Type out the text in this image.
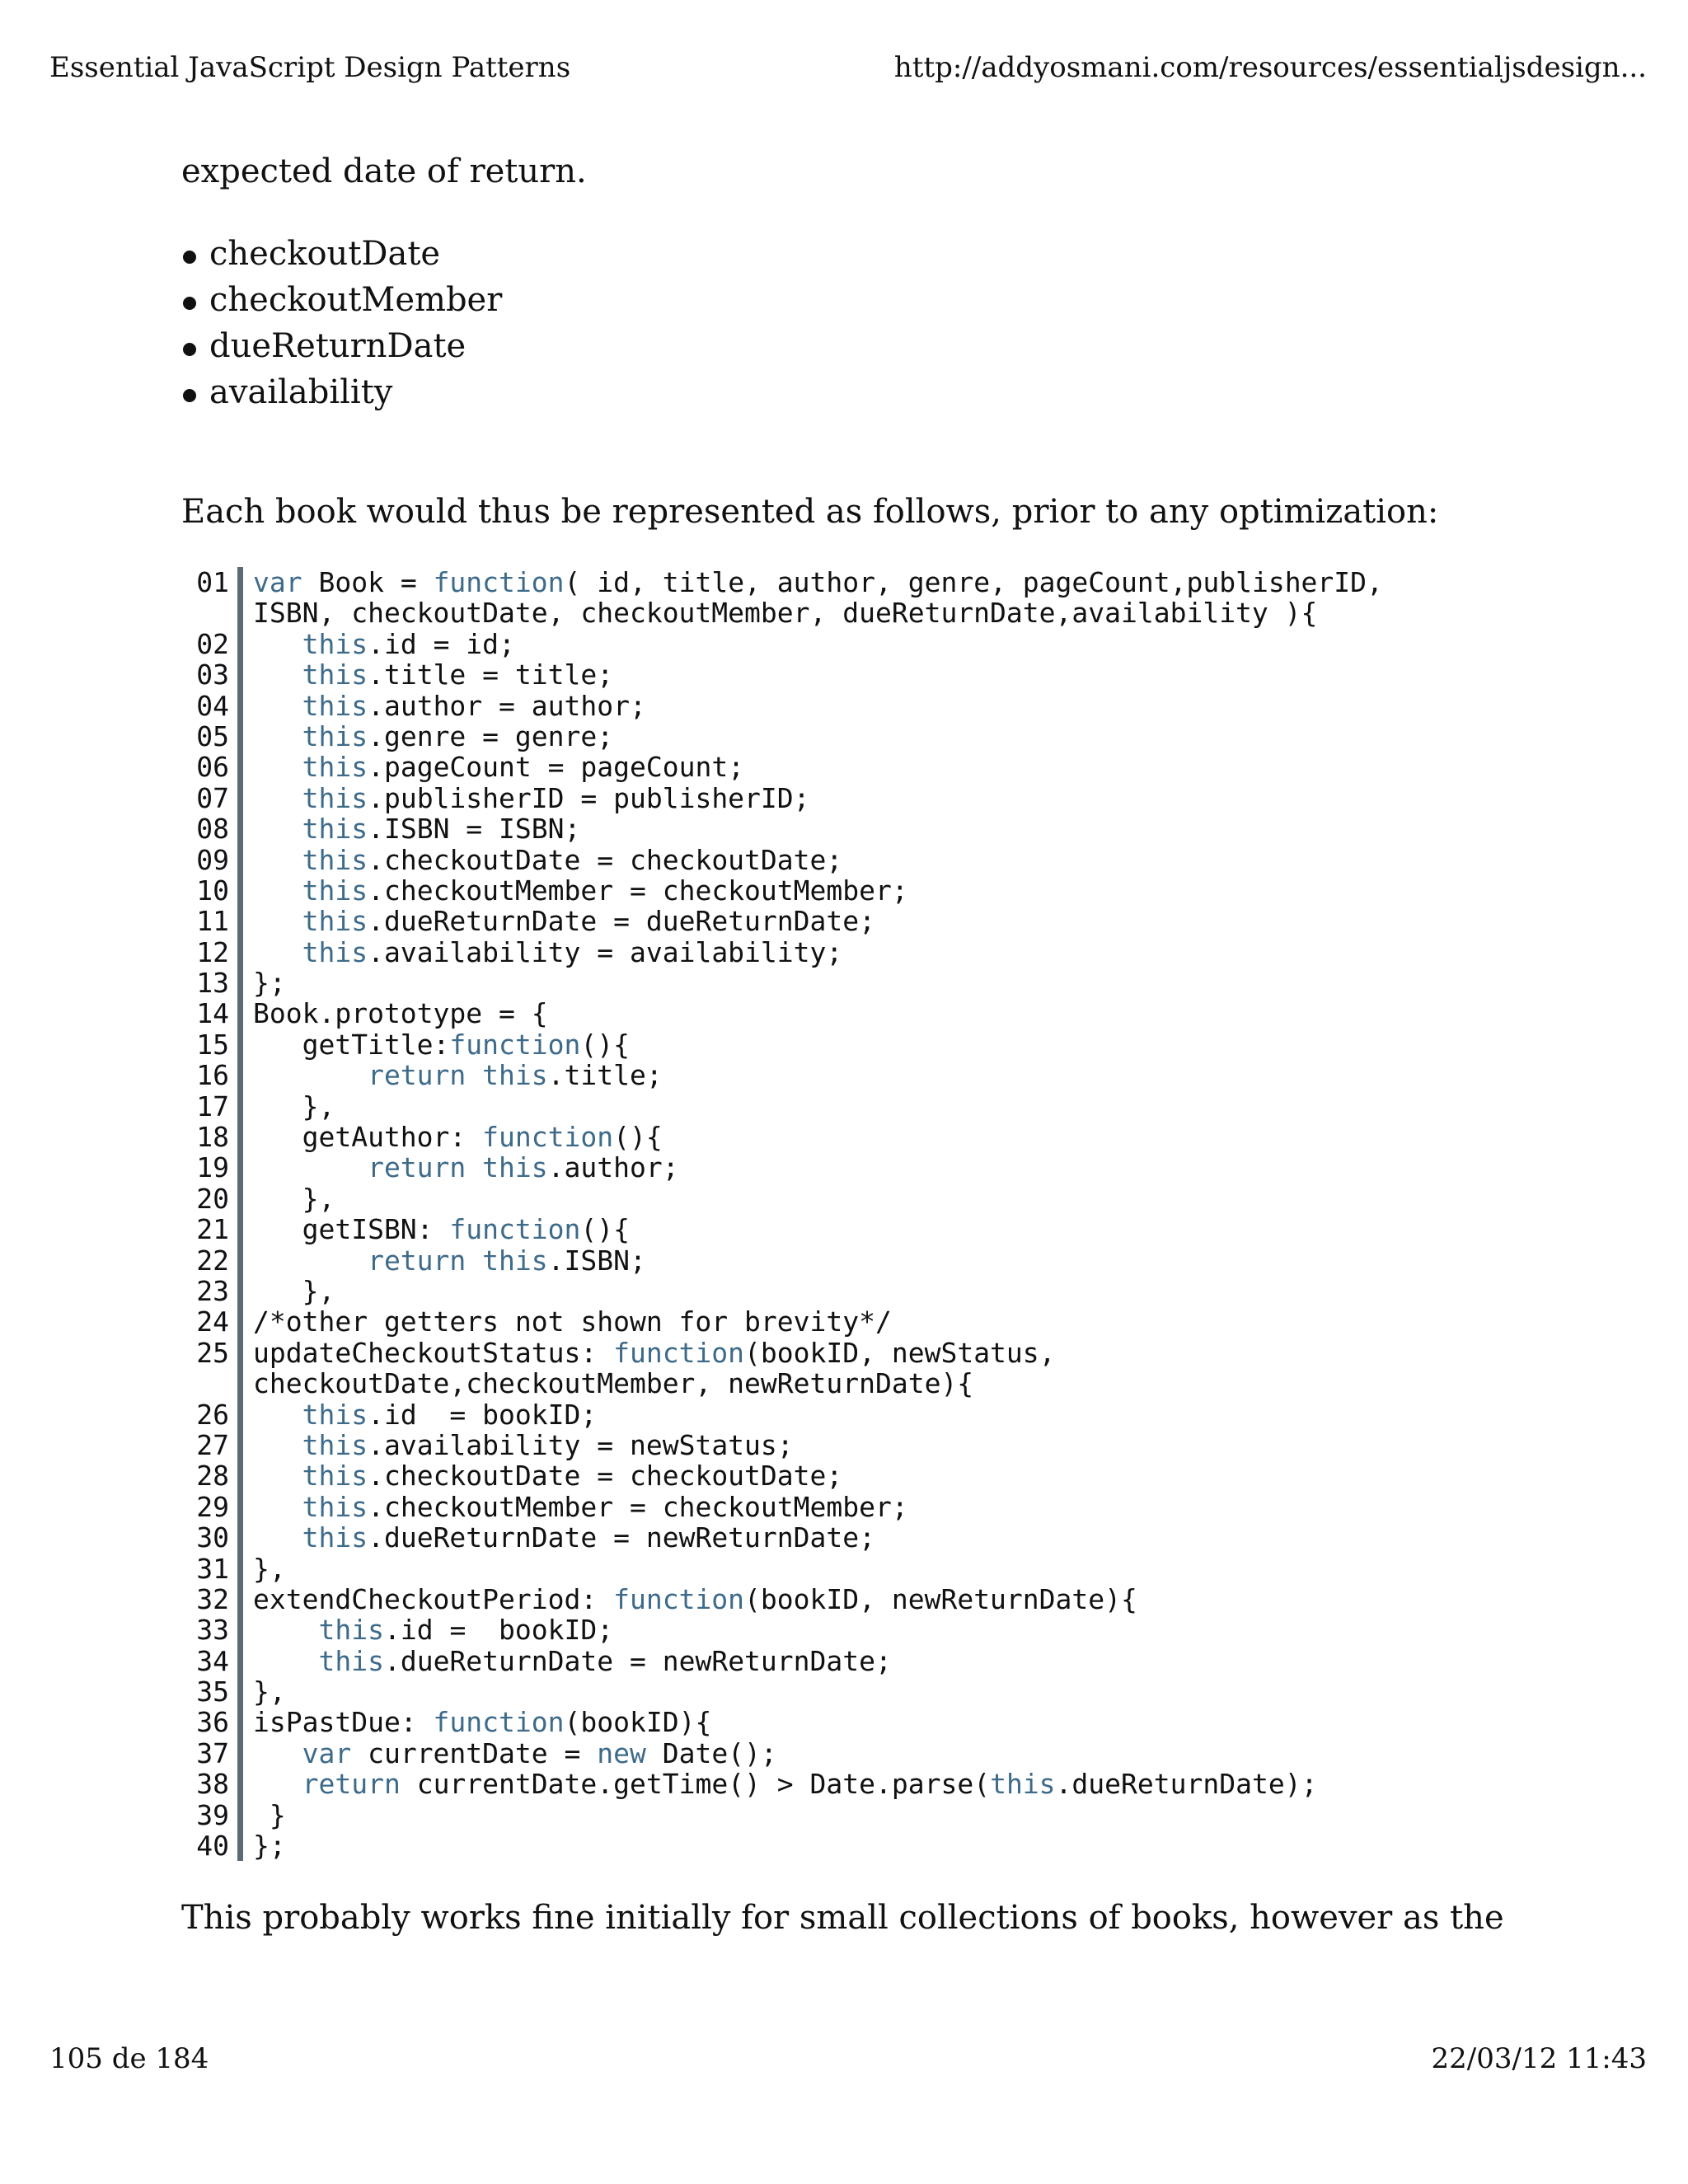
Essential JavaScript Design Patterns	http://addyosmani.com/resources/essentialjsdesign...
expected date of return.
checkoutDate
checkoutMember
dueReturnDate
availability
Each book would thus be represented as follows, prior to any optimization:
01 var Book = function( id, title, author, genre, pageCount,publisherID,
ISBN, checkoutDate, checkoutMember, dueReturnDate,availability ){
02	this.id = id;
03	this.title = title;
04	this.author = author;
05	this.genre = genre;
06	this.pageCount = pageCount;
07	this.publisherID = publisherID;
08	this.ISBN = ISBN;
09	this.checkoutDate = checkoutDate;
10	this.checkoutMember = checkoutMember;
11	this.dueReturnDate = dueReturnDate;
12	this.availability = availability;
13 };
14 Book.prototype = {
15 getTitle:function(){
16	return this.title;
17 },
18 getAuthor: function(){
19	return this.author;
20 },
21 getISBN: function(){
22	return this.ISBN;
23 },
24 /*other getters not shown for brevity*/
25 updateCheckoutStatus: function(bookID, newStatus,
checkoutDate,checkoutMember, newReturnDate){
26	this.id  = bookID;
27	this.availability = newStatus;
28	this.checkoutDate = checkoutDate;
29	this.checkoutMember = checkoutMember;
30	this.dueReturnDate = newReturnDate;
31 },
32 extendCheckoutPeriod: function(bookID, newReturnDate){
33	this.id =  bookID;
34	this.dueReturnDate = newReturnDate;
35 },
36 isPastDue: function(bookID){
37	var currentDate = new Date();
38	return currentDate.getTime() > Date.parse(this.dueReturnDate);
39 }
40 };
This probably works fine initially for small collections of books, however as the
105 de 184	22/03/12 11:43
